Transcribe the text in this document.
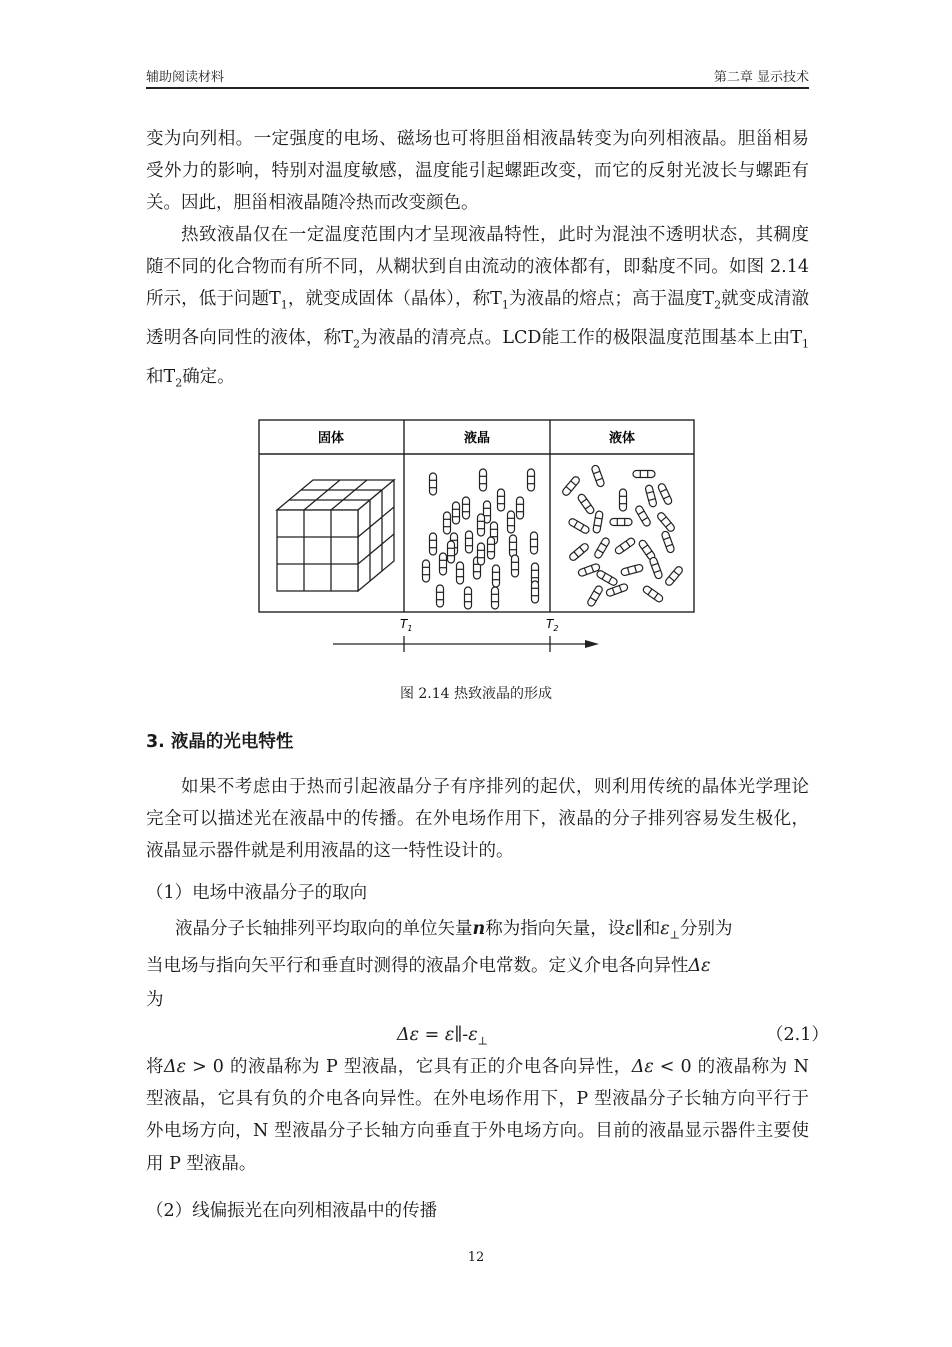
辅助阅读材料	第二章 显示技术

变为向列相。一定强度的电场、磁场也可将胆甾相液晶转变为向列相液晶。胆甾相易受外力的影响，特别对温度敏感，温度能引起螺距改变，而它的反射光波长与螺距有关。因此，胆甾相液晶随冷热而改变颜色。

热致液晶仅在一定温度范围内才呈现液晶特性，此时为混浊不透明状态，其稠度随不同的化合物而有所不同，从糊状到自由流动的液体都有，即黏度不同。如图 2.14 所示，低于问题$T_1$，就变成固体（晶体），称$T_1$为液晶的熔点；高于温度$T_2$就变成清澈透明各向同性的液体，称$T_2$为液晶的清亮点。LCD能工作的极限温度范围基本上由$T_1$和$T_2$确定。

固体	液晶	液体
$T_1$	$T_2$
图 2.14 热致液晶的形成
3. 液晶的光电特性

如果不考虑由于热而引起液晶分子有序排列的起伏，则利用传统的晶体光学理论完全可以描述光在液晶中的传播。在外电场作用下，液晶的分子排列容易发生极化，液晶显示器件就是利用液晶的这一特性设计的。

（1）电场中液晶分子的取向
液晶分子长轴排列平均取向的单位矢量n称为指向矢量，设ε∥和$\varepsilon_\perp$分别为
当电场与指向矢平行和垂直时测得的液晶介电常数。定义介电各向异性Δε
为
$\Delta\varepsilon = \varepsilon\parallel-\varepsilon_\perp$	（2.1）

将Δε > 0 的液晶称为 P 型液晶，它具有正的介电各向异性，Δε < 0 的液晶称为 N 型液晶，它具有负的介电各向异性。在外电场作用下，P 型液晶分子长轴方向平行于外电场方向，N 型液晶分子长轴方向垂直于外电场方向。目前的液晶显示器件主要使用 P 型液晶。

（2）线偏振光在向列相液晶中的传播
12
